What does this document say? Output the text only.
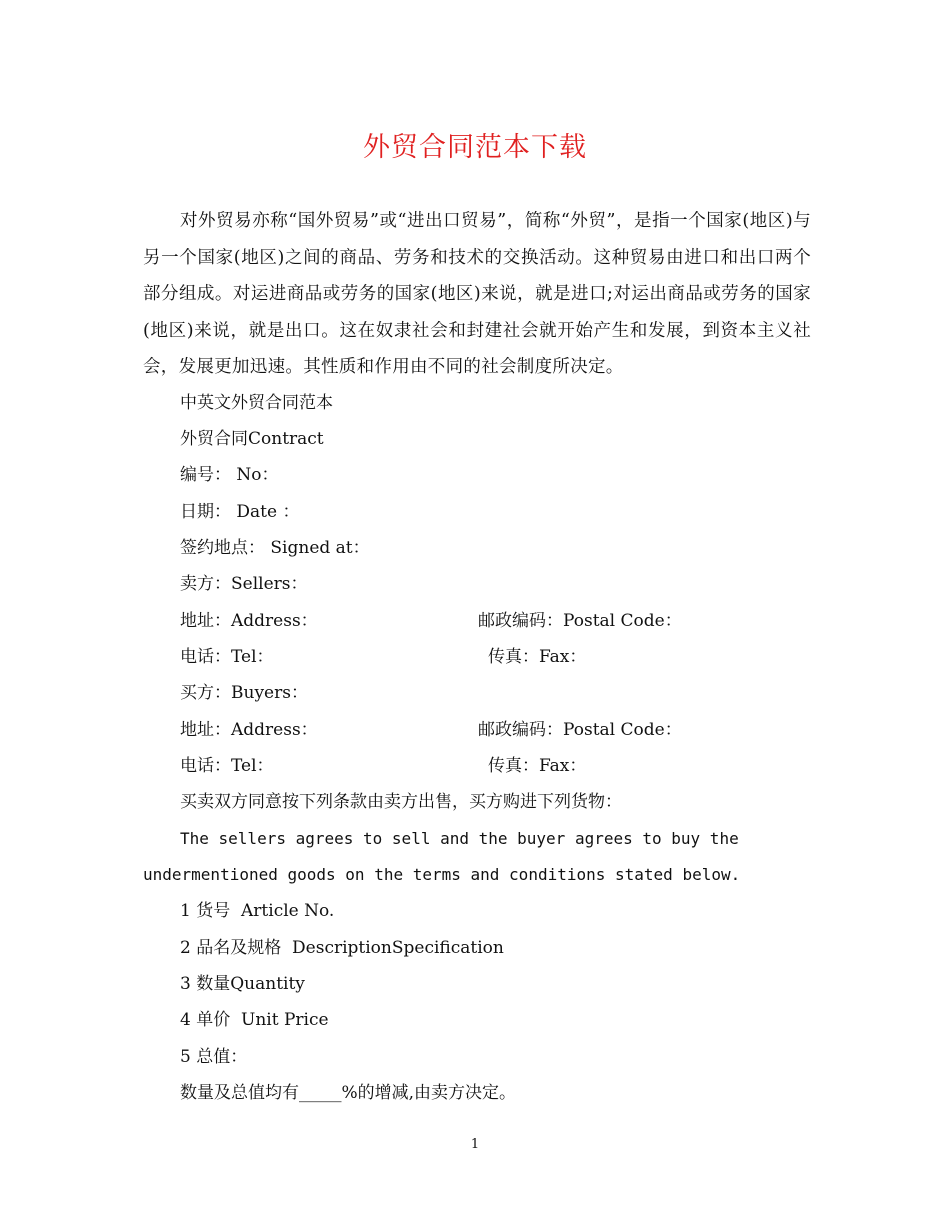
外贸合同范本下载
对外贸易亦称“国外贸易”或“进出口贸易”，简称“外贸”，是指一个国家(地区)与另一个国家(地区)之间的商品、劳务和技术的交换活动。这种贸易由进口和出口两个部分组成。对运进商品或劳务的国家(地区)来说，就是进口;对运出商品或劳务的国家(地区)来说，就是出口。这在奴隶社会和封建社会就开始产生和发展，到资本主义社会，发展更加迅速。其性质和作用由不同的社会制度所决定。
中英文外贸合同范本
外贸合同Contract
编号： No：
日期： Date ：
签约地点： Signed at：
卖方：Sellers：
地址：Address：	邮政编码：Postal Code：
电话：Tel：	传真：Fax：
买方：Buyers：
地址：Address：	邮政编码：Postal Code：
电话：Tel：	传真：Fax：
买卖双方同意按下列条款由卖方出售，买方购进下列货物：
The sellers agrees to sell and the buyer agrees to buy the
undermentioned goods on the terms and conditions stated below.
1 货号  Article No.
2 品名及规格  DescriptionSpecification
3 数量Quantity
4 单价  Unit Price
5 总值：
数量及总值均有_____%的增减,由卖方决定。
1
